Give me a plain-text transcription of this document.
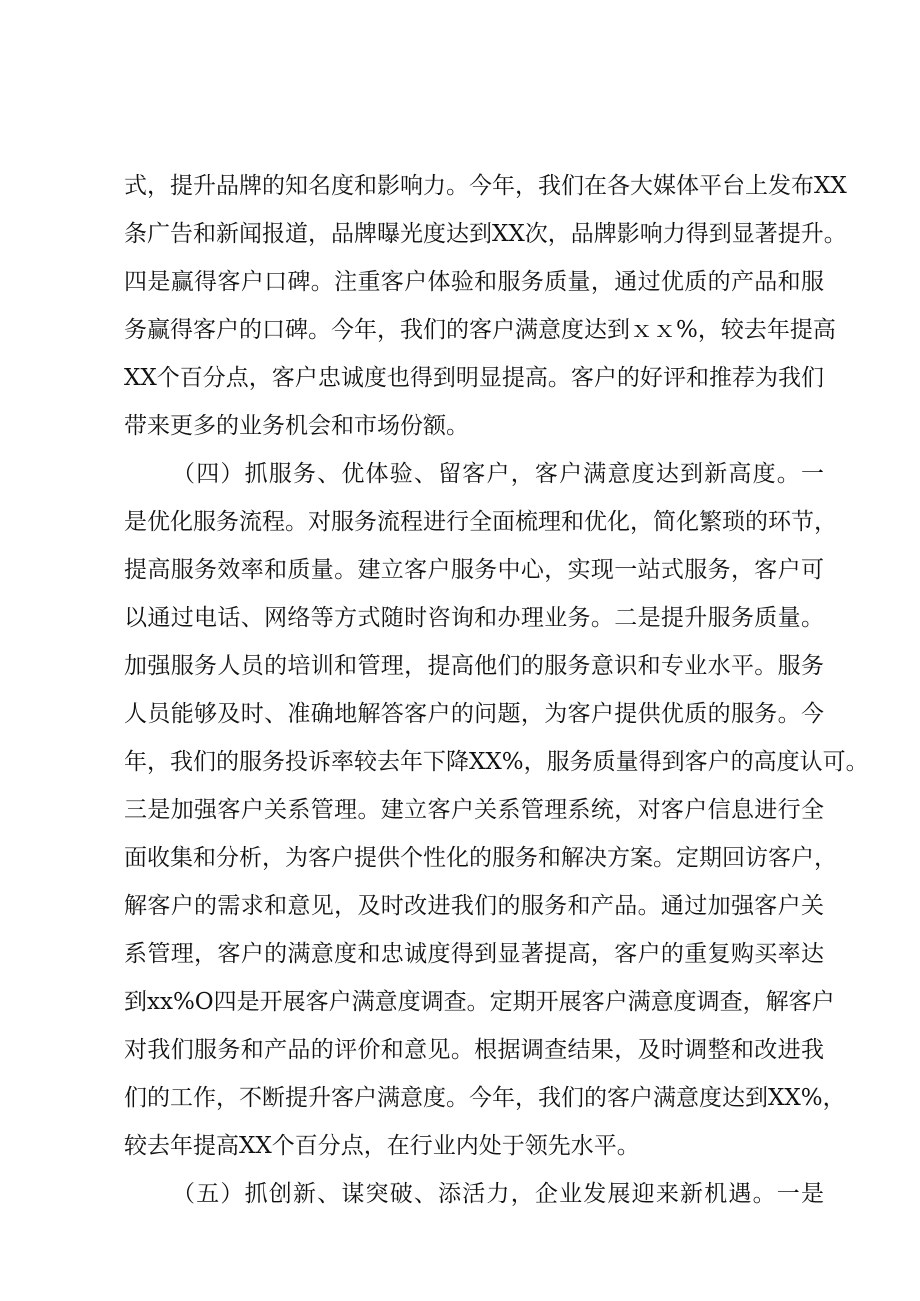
式，提升品牌的知名度和影响力。今年，我们在各大媒体平台上发布XX
条广告和新闻报道，品牌曝光度达到XX次，品牌影响力得到显著提升。
四是赢得客户口碑。注重客户体验和服务质量，通过优质的产品和服
务赢得客户的口碑。今年，我们的客户满意度达到ｘｘ%，较去年提高
XX个百分点，客户忠诚度也得到明显提高。客户的好评和推荐为我们
带来更多的业务机会和市场份额。
（四）抓服务、优体验、留客户，客户满意度达到新高度。一
是优化服务流程。对服务流程进行全面梳理和优化，简化繁琐的环节，
提高服务效率和质量。建立客户服务中心，实现一站式服务，客户可
以通过电话、网络等方式随时咨询和办理业务。二是提升服务质量。
加强服务人员的培训和管理，提高他们的服务意识和专业水平。服务
人员能够及时、准确地解答客户的问题，为客户提供优质的服务。今
年，我们的服务投诉率较去年下降XX%，服务质量得到客户的高度认可。
三是加强客户关系管理。建立客户关系管理系统，对客户信息进行全
面收集和分析，为客户提供个性化的服务和解决方案。定期回访客户，
解客户的需求和意见，及时改进我们的服务和产品。通过加强客户关
系管理，客户的满意度和忠诚度得到显著提高，客户的重复购买率达
到xx%O四是开展客户满意度调查。定期开展客户满意度调查，解客户
对我们服务和产品的评价和意见。根据调查结果，及时调整和改进我
们的工作，不断提升客户满意度。今年，我们的客户满意度达到XX%，
较去年提高XX个百分点，在行业内处于领先水平。
（五）抓创新、谋突破、添活力，企业发展迎来新机遇。一是
